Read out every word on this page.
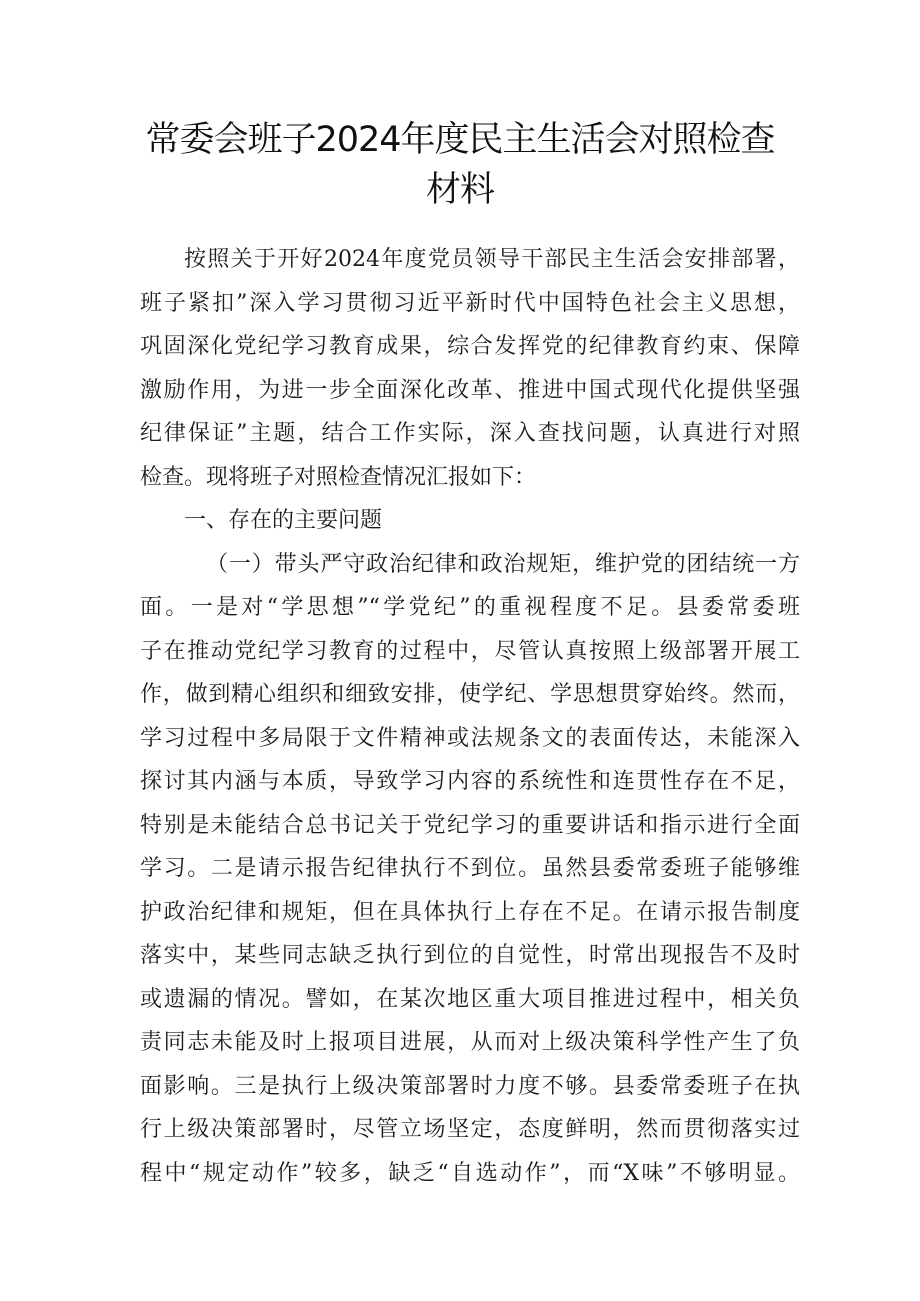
常委会班子2024年度民主生活会对照检查
材料
按照关于开好2024年度党员领导干部民主生活会安排部署，
班子紧扣”深入学习贯彻习近平新时代中国特色社会主义思想，
巩固深化党纪学习教育成果，综合发挥党的纪律教育约束、保障
激励作用，为进一步全面深化改革、推进中国式现代化提供坚强
纪律保证”主题，结合工作实际，深入查找问题，认真进行对照
检查。现将班子对照检查情况汇报如下：
一、存在的主要问题
（一）带头严守政治纪律和政治规矩，维护党的团结统一方
面。一是对“学思想”“学党纪”的重视程度不足。县委常委班
子在推动党纪学习教育的过程中，尽管认真按照上级部署开展工
作，做到精心组织和细致安排，使学纪、学思想贯穿始终。然而，
学习过程中多局限于文件精神或法规条文的表面传达，未能深入
探讨其内涵与本质，导致学习内容的系统性和连贯性存在不足，
特别是未能结合总书记关于党纪学习的重要讲话和指示进行全面
学习。二是请示报告纪律执行不到位。虽然县委常委班子能够维
护政治纪律和规矩，但在具体执行上存在不足。在请示报告制度
落实中，某些同志缺乏执行到位的自觉性，时常出现报告不及时
或遗漏的情况。譬如，在某次地区重大项目推进过程中，相关负
责同志未能及时上报项目进展，从而对上级决策科学性产生了负
面影响。三是执行上级决策部署时力度不够。县委常委班子在执
行上级决策部署时，尽管立场坚定，态度鲜明，然而贯彻落实过
程中“规定动作”较多，缺乏“自选动作”，而“X味”不够明显。
